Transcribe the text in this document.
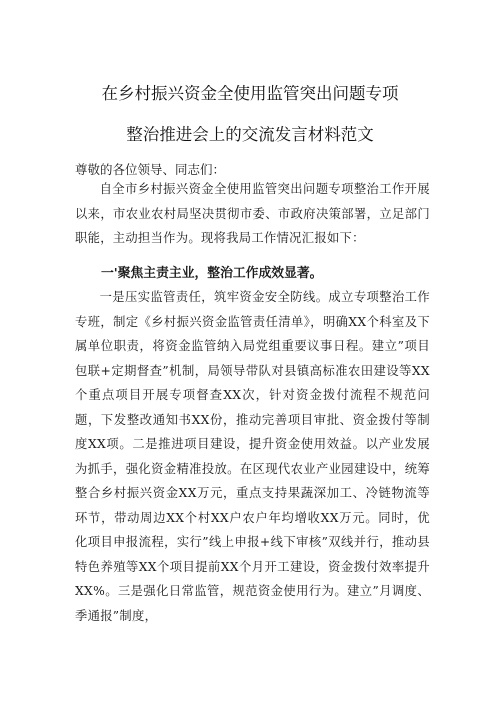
在乡村振兴资金全使用监管突出问题专项
整治推进会上的交流发言材料范文
尊敬的各位领导、同志们：

自全市乡村振兴资金全使用监管突出问题专项整治工作开展以来，市农业农村局坚决贯彻市委、市政府决策部署，立足部门职能，主动担当作为。现将我局工作情况汇报如下：

一'聚焦主责主业，整治工作成效显著。

一是压实监管责任，筑牢资金安全防线。成立专项整治工作专班，制定《乡村振兴资金监管责任清单》，明确XX个科室及下属单位职责，将资金监管纳入局党组重要议事日程。建立”项目包联+定期督查”机制，局领导带队对县镇高标准农田建设等XX个重点项目开展专项督查XX次，针对资金拨付流程不规范问题，下发整改通知书XX份，推动完善项目审批、资金拨付等制度XX项。二是推进项目建设，提升资金使用效益。以产业发展为抓手，强化资金精准投放。在区现代农业产业园建设中，统筹整合乡村振兴资金XX万元，重点支持果蔬深加工、冷链物流等环节，带动周边XX个村XX户农户年均增收XX万元。同时，优化项目申报流程，实行”线上申报+线下审核”双线并行，推动县特色养殖等XX个项目提前XX个月开工建设，资金拨付效率提升XX%。三是强化日常监管，规范资金使用行为。建立”月调度、季通报”制度，
